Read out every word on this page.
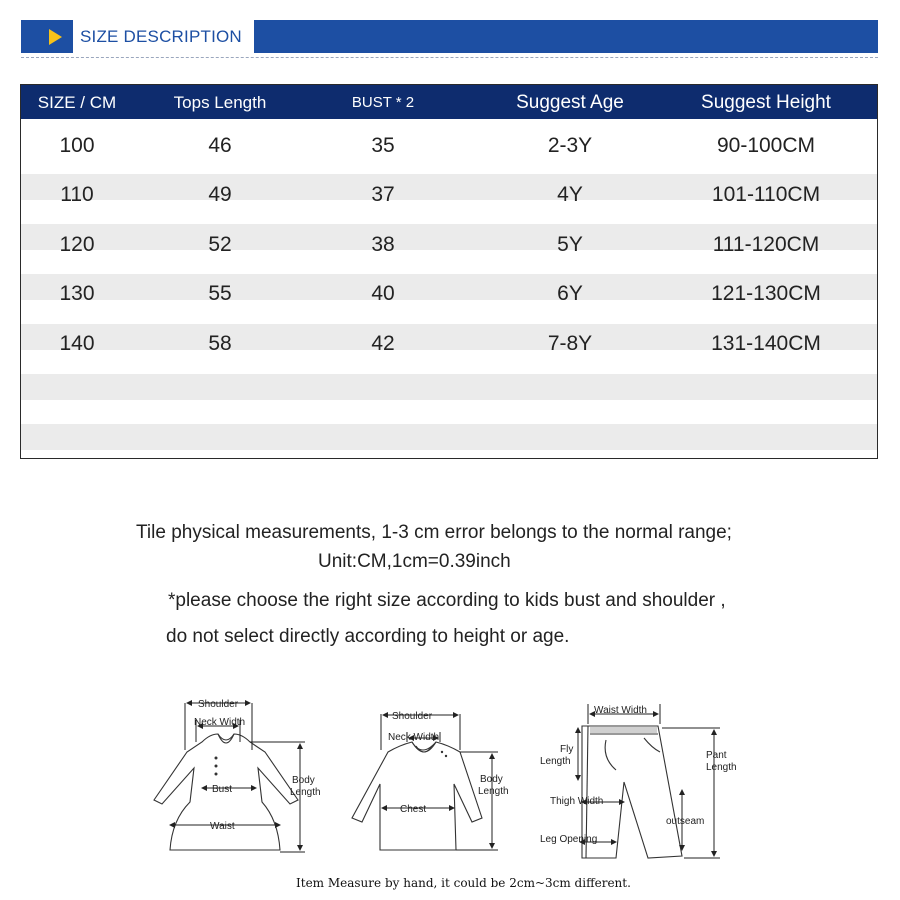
SIZE DESCRIPTION
SIZE / CM	Tops Length	BUST * 2	Suggest Age	Suggest Height
100	46	35	2-3Y	90-100CM
110	49	37	4Y	101-110CM
120	52	38	5Y	111-120CM
130	55	40	6Y	121-130CM
140	58	42	7-8Y	131-140CM
Tile physical measurements, 1-3 cm error belongs to the normal range;
Unit:CM,1cm=0.39inch
*please choose the right size according to kids bust and shoulder ,
do not select directly according to height or age.
Shoulder
Neck Width
Bust
Waist
Body
Length
Shoulder
Neck Width
Chest
Body
Length
Waist Width
Fly
Length
Pant
Length
Thigh Width
outseam
Leg Opening
Item Measure by hand, it could be 2cm~3cm different.
